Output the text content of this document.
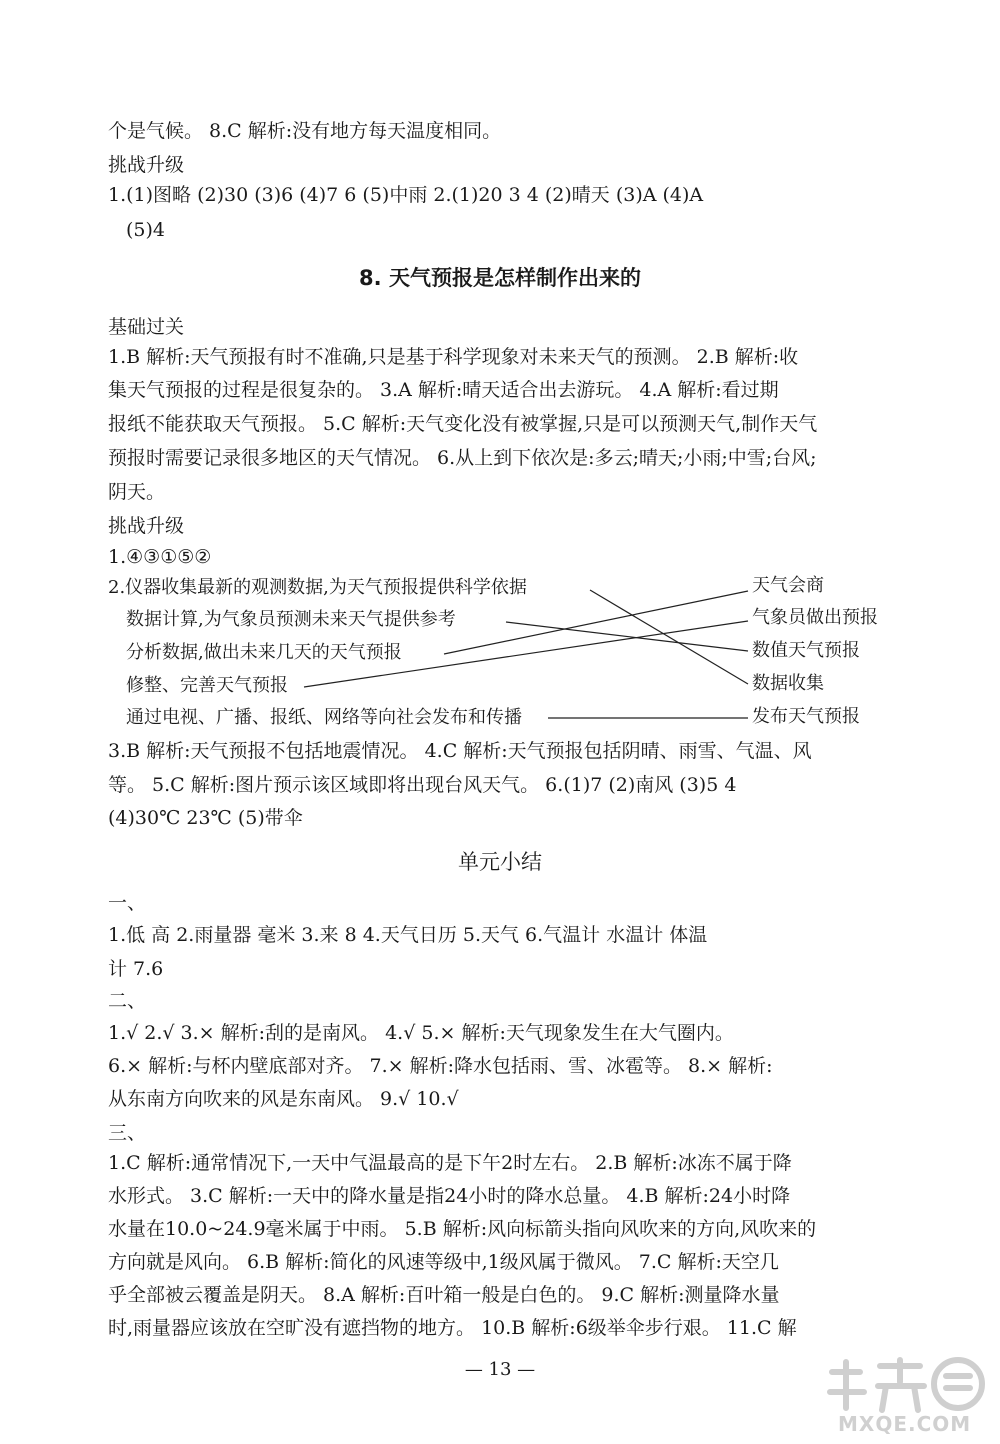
个是气候。 8.C 解析:没有地方每天温度相同。
挑战升级
1.(1)图略 (2)30 (3)6 (4)7 6 (5)中雨 2.(1)20 3 4 (2)晴天 (3)A (4)A
(5)4
8. 天气预报是怎样制作出来的
基础过关
1.B 解析:天气预报有时不准确,只是基于科学现象对未来天气的预测。 2.B 解析:收
集天气预报的过程是很复杂的。 3.A 解析:晴天适合出去游玩。 4.A 解析:看过期
报纸不能获取天气预报。 5.C 解析:天气变化没有被掌握,只是可以预测天气,制作天气
预报时需要记录很多地区的天气情况。 6.从上到下依次是:多云;晴天;小雨;中雪;台风;
阴天。
挑战升级
1.④③①⑤②
2.仪器收集最新的观测数据,为天气预报提供科学依据
数据计算,为气象员预测未来天气提供参考
分析数据,做出未来几天的天气预报
修整、完善天气预报
通过电视、广播、报纸、网络等向社会发布和传播
天气会商
气象员做出预报
数值天气预报
数据收集
发布天气预报
3.B 解析:天气预报不包括地震情况。 4.C 解析:天气预报包括阴晴、雨雪、气温、风
等。 5.C 解析:图片预示该区域即将出现台风天气。 6.(1)7 (2)南风 (3)5 4
(4)30℃ 23℃ (5)带伞
单元小结
一、
1.低 高 2.雨量器 毫米 3.来 8 4.天气日历 5.天气 6.气温计 水温计 体温
计 7.6
二、
1.√ 2.√ 3.× 解析:刮的是南风。 4.√ 5.× 解析:天气现象发生在大气圈内。
6.× 解析:与杯内壁底部对齐。 7.× 解析:降水包括雨、雪、冰雹等。 8.× 解析:
从东南方向吹来的风是东南风。 9.√ 10.√
三、
1.C 解析:通常情况下,一天中气温最高的是下午2时左右。 2.B 解析:冰冻不属于降
水形式。 3.C 解析:一天中的降水量是指24小时的降水总量。 4.B 解析:24小时降
水量在10.0~24.9毫米属于中雨。 5.B 解析:风向标箭头指向风吹来的方向,风吹来的
方向就是风向。 6.B 解析:简化的风速等级中,1级风属于微风。 7.C 解析:天空几
乎全部被云覆盖是阴天。 8.A 解析:百叶箱一般是白色的。 9.C 解析:测量降水量
时,雨量器应该放在空旷没有遮挡物的地方。 10.B 解析:6级举伞步行艰。 11.C 解
— 13 —
MXQE.COM
